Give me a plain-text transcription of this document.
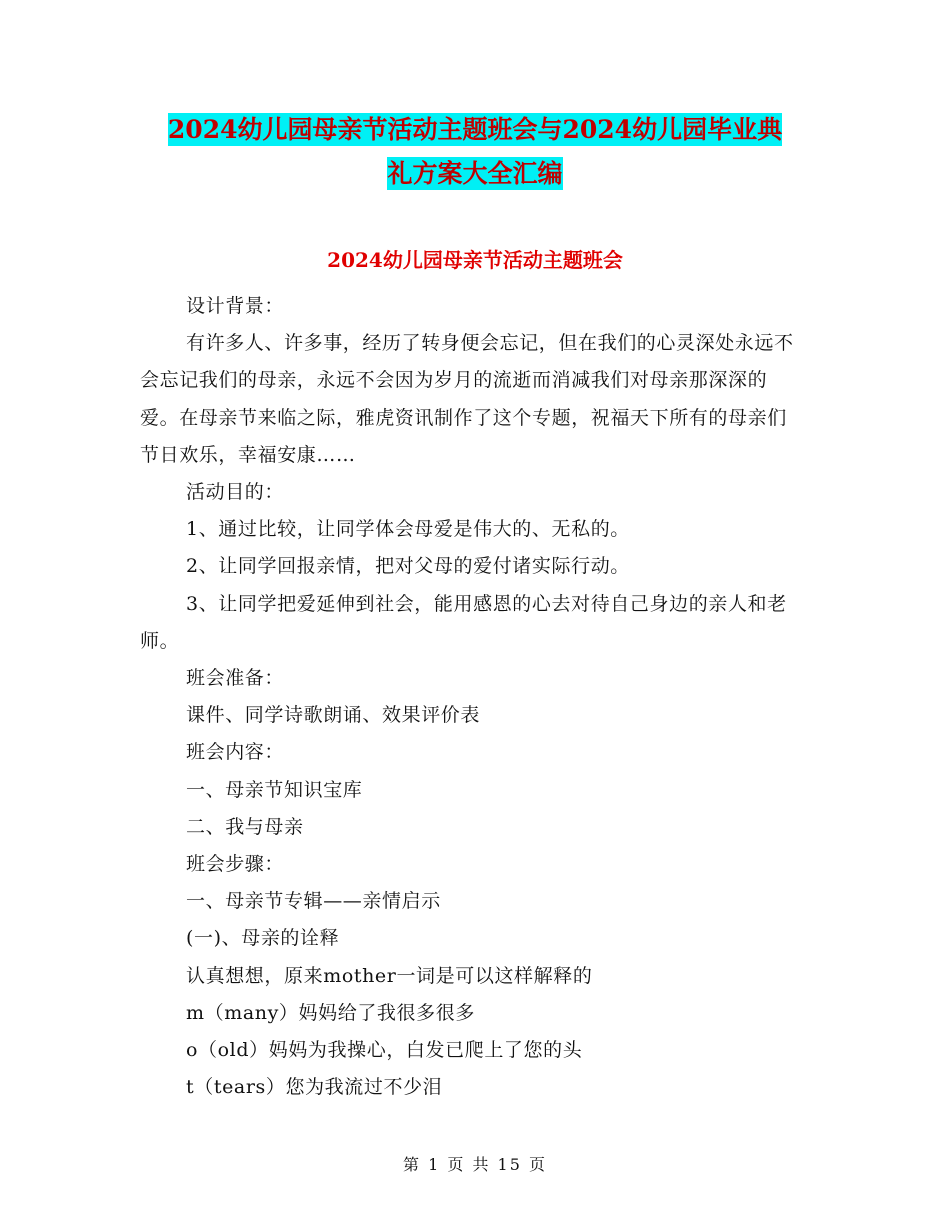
2024幼儿园母亲节活动主题班会与2024幼儿园毕业典
礼方案大全汇编
2024幼儿园母亲节活动主题班会

设计背景：

有许多人、许多事，经历了转身便会忘记，但在我们的心灵深处永远不会忘记我们的母亲，永远不会因为岁月的流逝而消减我们对母亲那深深的爱。在母亲节来临之际，雅虎资讯制作了这个专题，祝福天下所有的母亲们节日欢乐，幸福安康……

活动目的：

1、通过比较，让同学体会母爱是伟大的、无私的。

2、让同学回报亲情，把对父母的爱付诸实际行动。

3、让同学把爱延伸到社会，能用感恩的心去对待自己身边的亲人和老师。

班会准备：

课件、同学诗歌朗诵、效果评价表

班会内容：

一、母亲节知识宝库

二、我与母亲

班会步骤：

一、母亲节专辑——亲情启示

(一)、母亲的诠释

认真想想，原来mother一词是可以这样解释的

m（many）妈妈给了我很多很多

o（old）妈妈为我操心，白发已爬上了您的头

t（tears）您为我流过不少泪

第 1 页 共 15 页
